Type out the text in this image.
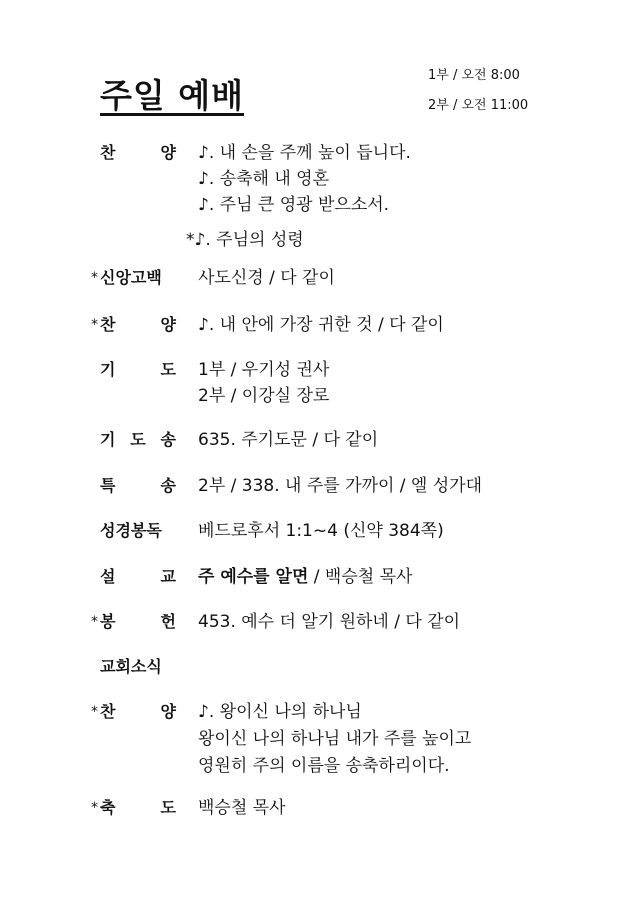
주일 예배
1부 / 오전 8:00
2부 / 오전 11:00
찬 양 ♪. 내 손을 주께 높이 듭니다.
♪. 송축해 내 영혼
♪. 주님 큰 영광 받으소서.
*♪. 주님의 성령
* 신앙고백	사도신경 / 다 같이
* 찬 양 ♪. 내 안에 가장 귀한 것 / 다 같이
기 도 1부 / 우기성 권사
2부 / 이강실 장로
기 도 송 635. 주기도문 / 다 같이
특 송 2부 / 338. 내 주를 가까이 / 엘 성가대
성경봉독	베드로후서 1:1~4 (신약 384쪽)
설 교 주 예수를 알면 / 백승철 목사
* 봉 헌 453. 예수 더 알기 원하네 / 다 같이
교회소식
* 찬 양 ♪. 왕이신 나의 하나님
왕이신 나의 하나님 내가 주를 높이고
영원히 주의 이름을 송축하리이다.
* 축 도 백승철 목사
